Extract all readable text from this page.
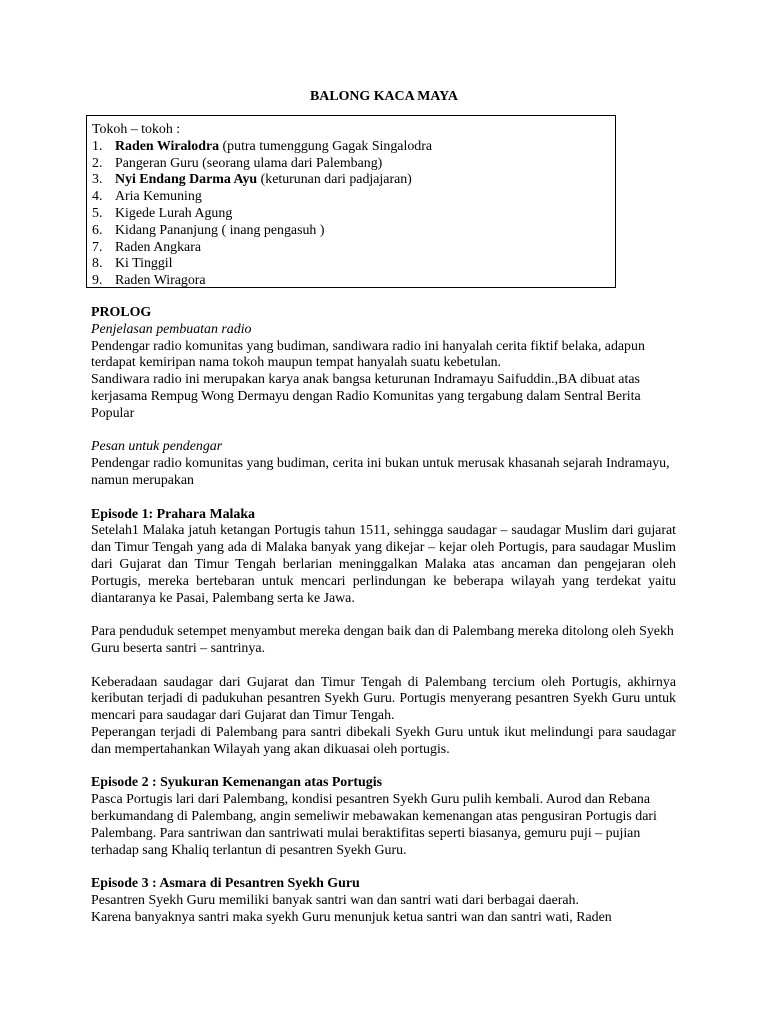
BALONG KACA MAYA
Tokoh – tokoh :
1. Raden Wiralodra (putra tumenggung Gagak Singalodra
2. Pangeran Guru (seorang ulama dari Palembang)
3. Nyi Endang Darma Ayu (keturunan dari padjajaran)
4. Aria Kemuning
5. Kigede Lurah Agung
6. Kidang Pananjung ( inang pengasuh )
7. Raden Angkara
8. Ki Tinggil
9. Raden Wiragora

PROLOG

Penjelasan pembuatan radio

Pendengar radio komunitas yang budiman, sandiwara radio ini hanyalah cerita fiktif belaka, adapun terdapat kemiripan nama tokoh maupun tempat hanyalah suatu kebetulan.

Sandiwara radio ini merupakan karya anak bangsa keturunan Indramayu Saifuddin.,BA dibuat atas kerjasama Rempug Wong Dermayu dengan Radio Komunitas yang tergabung dalam Sentral Berita Popular

Pesan untuk pendengar

Pendengar radio komunitas yang budiman, cerita ini bukan untuk merusak khasanah sejarah Indramayu, namun merupakan

Episode 1: Prahara Malaka

Setelah1 Malaka jatuh ketangan Portugis tahun 1511, sehingga saudagar – saudagar Muslim dari gujarat dan Timur Tengah yang ada di Malaka banyak yang dikejar – kejar oleh Portugis, para saudagar Muslim dari Gujarat dan Timur Tengah berlarian meninggalkan Malaka atas ancaman dan pengejaran oleh Portugis, mereka bertebaran untuk mencari perlindungan ke beberapa wilayah yang terdekat yaitu diantaranya ke Pasai, Palembang serta ke Jawa.

Para penduduk setempet menyambut mereka dengan baik dan di Palembang mereka ditolong oleh Syekh Guru beserta santri – santrinya.

Keberadaan saudagar dari Gujarat dan Timur Tengah di Palembang tercium oleh Portugis, akhirnya keributan terjadi di padukuhan pesantren Syekh Guru. Portugis menyerang pesantren Syekh Guru untuk mencari para saudagar dari Gujarat dan Timur Tengah.

Peperangan terjadi di Palembang para santri dibekali Syekh Guru untuk ikut melindungi para saudagar dan mempertahankan Wilayah yang akan dikuasai oleh portugis.

Episode 2 : Syukuran Kemenangan atas Portugis

Pasca Portugis lari dari Palembang, kondisi pesantren Syekh Guru pulih kembali. Aurod dan Rebana berkumandang di Palembang, angin semeliwir mebawakan kemenangan atas pengusiran Portugis dari Palembang. Para santriwan dan santriwati mulai beraktifitas seperti biasanya, gemuru puji – pujian terhadap sang Khaliq terlantun di pesantren Syekh Guru.

Episode 3 : Asmara di Pesantren Syekh Guru

Pesantren Syekh Guru memiliki banyak santri wan dan santri wati dari berbagai daerah.

Karena banyaknya santri maka syekh Guru menunjuk ketua santri wan dan santri wati, Raden
